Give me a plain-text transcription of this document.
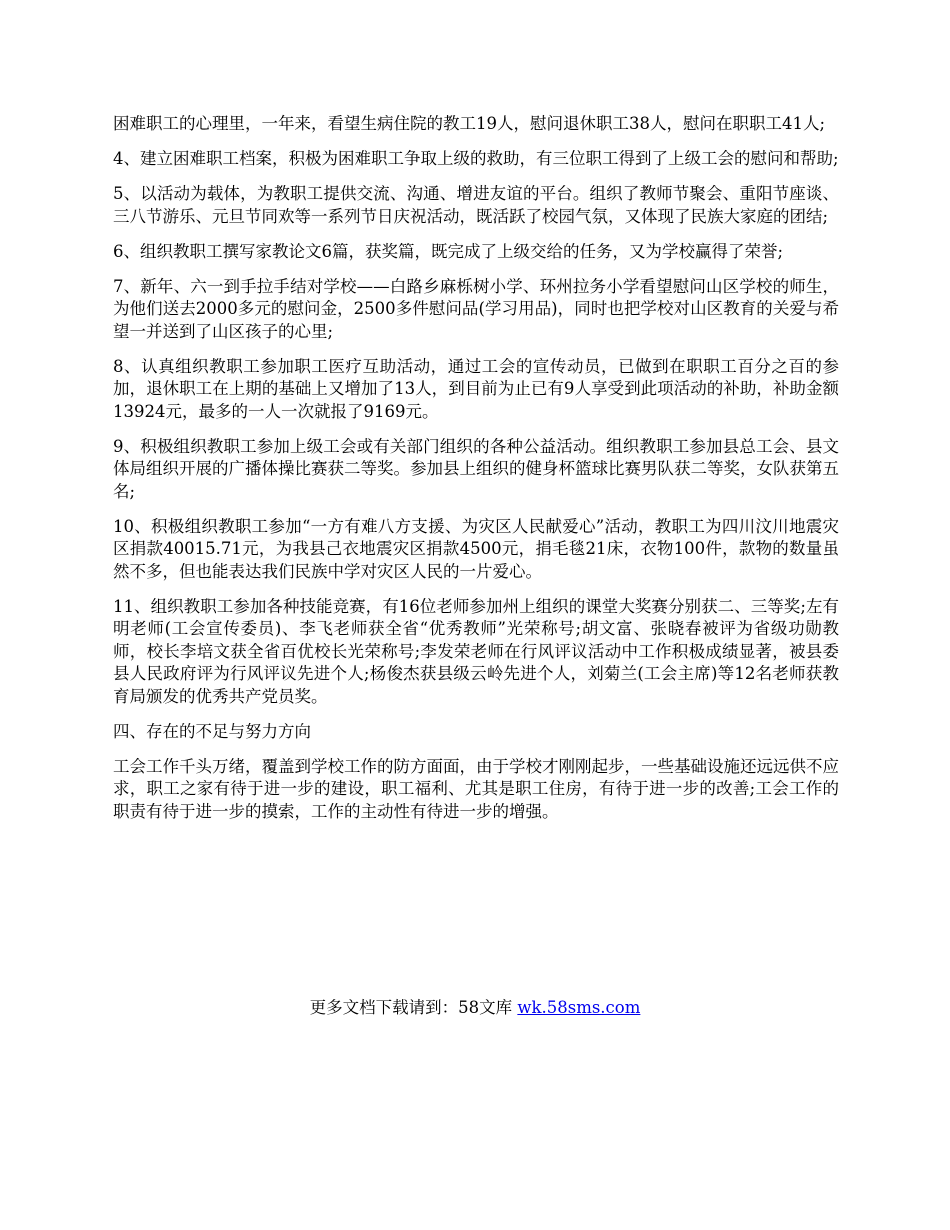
困难职工的心理里，一年来，看望生病住院的教工19人，慰问退休职工38人，慰问在职职工41人;

4、建立困难职工档案，积极为困难职工争取上级的救助，有三位职工得到了上级工会的慰问和帮助;

5、以活动为载体，为教职工提供交流、沟通、增进友谊的平台。组织了教师节聚会、重阳节座谈、三八节游乐、元旦节同欢等一系列节日庆祝活动，既活跃了校园气氛，又体现了民族大家庭的团结;

6、组织教职工撰写家教论文6篇，获奖篇，既完成了上级交给的任务，又为学校赢得了荣誉;

7、新年、六一到手拉手结对学校——白路乡麻栎树小学、环州拉务小学看望慰问山区学校的师生，为他们送去2000多元的慰问金，2500多件慰问品(学习用品)，同时也把学校对山区教育的关爱与希望一并送到了山区孩子的心里;

8、认真组织教职工参加职工医疗互助活动，通过工会的宣传动员，已做到在职职工百分之百的参加，退休职工在上期的基础上又增加了13人，到目前为止已有9人享受到此项活动的补助，补助金额13924元，最多的一人一次就报了9169元。

9、积极组织教职工参加上级工会或有关部门组织的各种公益活动。组织教职工参加县总工会、县文体局组织开展的广播体操比赛获二等奖。参加县上组织的健身杯篮球比赛男队获二等奖，女队获第五名;

10、积极组织教职工参加“一方有难八方支援、为灾区人民献爱心”活动，教职工为四川汶川地震灾区捐款40015.71元，为我县己衣地震灾区捐款4500元，捐毛毯21床，衣物100件，款物的数量虽然不多，但也能表达我们民族中学对灾区人民的一片爱心。

11、组织教职工参加各种技能竞赛，有16位老师参加州上组织的课堂大奖赛分别获二、三等奖;左有明老师(工会宣传委员)、李飞老师获全省“优秀教师”光荣称号;胡文富、张晓春被评为省级功勋教师，校长李培文获全省百优校长光荣称号;李发荣老师在行风评议活动中工作积极成绩显著，被县委县人民政府评为行风评议先进个人;杨俊杰获县级云岭先进个人，刘菊兰(工会主席)等12名老师获教育局颁发的优秀共产党员奖。

四、存在的不足与努力方向

工会工作千头万绪，覆盖到学校工作的防方面面，由于学校才刚刚起步，一些基础设施还远远供不应求，职工之家有待于进一步的建设，职工福利、尤其是职工住房，有待于进一步的改善;工会工作的职责有待于进一步的摸索，工作的主动性有待进一步的增强。

更多文档下载请到：58文库 wk.58sms.com
